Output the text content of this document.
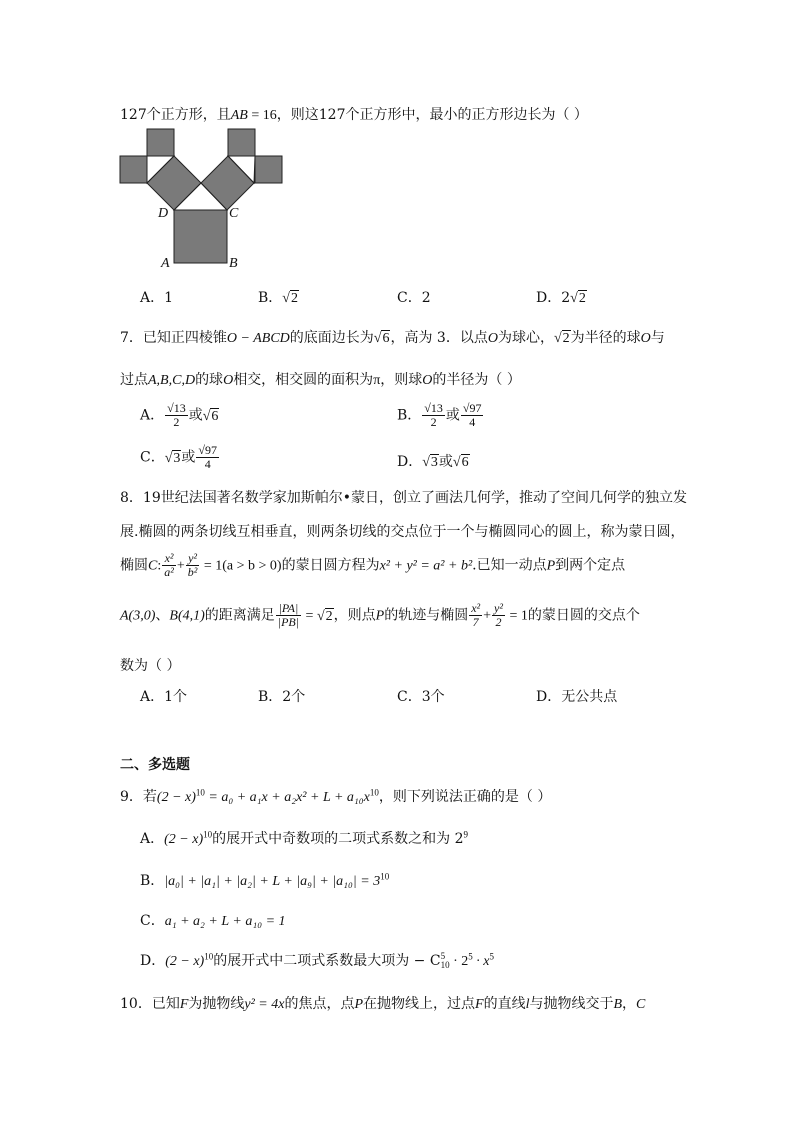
127个正方形，且AB = 16，则这127个正方形中，最小的正方形边长为（ ）
D	C
A	B
A．1	B．√2	C．2	D．2√2
7．已知正四棱锥O − ABCD的底面边长为√6，高为 3．以点O为球心，√2为半径的球O与
过点A,B,C,D的球O相交，相交圆的面积为π，则球O的半径为（ ）
A． $\frac{√13}{2}$ 或√6	B． $\frac{√13}{2}$ 或 $\frac{√97}{4}$
C．√3或 $\frac{√97}{4}$	D．√3或√6
8．19世纪法国著名数学家加斯帕尔•蒙日，创立了画法几何学，推动了空间几何学的独立发
展.椭圆的两条切线互相垂直，则两条切线的交点位于一个与椭圆同心的圆上，称为蒙日圆，
椭圆C: $\frac{\text{x²}}{\text{a²}} + \frac{\text{y²}}{\text{b²}} = 1(a > b > 0)$的蒙日圆方程为x² + y² = a² + b².已知一动点P到两个定点
A(3,0)、B(4,1)的距离满足 $\frac{|PA|}{|PB|} = √2$，则点P的轨迹与椭圆 $\frac{\text{x²}}{7} + \frac{\text{y²}}{2} = 1$的蒙日圆的交点个
数为（ ）
A．1个	B．2个	C．3个	D．无公共点
二、多选题
9．若$(2 - x)^{10} = a_0 + a_1x + a_2x^2 + L + a_{10}x^{10}$，则下列说法正确的是（ ）
A．$(2 - x)^{10}$的展开式中奇数项的二项式系数之和为 $2^9$
B．$|a_0| + |a_1| + |a_2| + L + |a_9| + |a_{10}| = 3^{10}$
C．a₁ + a₂ + L + a₁₀ = 1
D．$(2 - x)^{10}$的展开式中二项式系数最大项为 − C 5
$10 \cdot 2^5 \cdot x^5$
10．已知F为抛物线y² = 4x的焦点，点P在抛物线上，过点F的直线l与抛物线交于B，C
